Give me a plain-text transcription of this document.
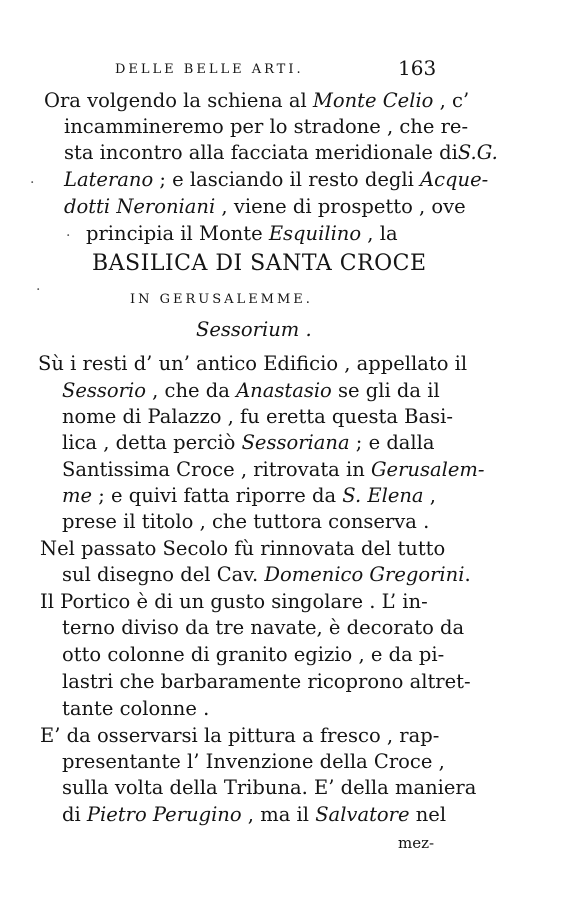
DELLE BELLE ARTI.	163
Ora volgendo la schiena al Monte Celio , c’
incammineremo per lo stradone , che re-
sta incontro alla facciata meridionale diS.G.
Laterano ; e lasciando il resto degli Acque-
dotti Neroniani , viene di prospetto , ove
principia il Monte Esquilino , la
BASILICA DI SANTA CROCE
IN GERUSALEMME.
Sessorium .
Sù i resti d’ un’ antico Edificio , appellato il
Sessorio , che da Anastasio se gli da il
nome di Palazzo , fu eretta questa Basi-
lica , detta perciò Sessoriana ; e dalla
Santissima Croce , ritrovata in Gerusalem-
me ; e quivi fatta riporre da S. Elena ,
prese il titolo , che tuttora conserva .
Nel passato Secolo fù rinnovata del tutto
sul disegno del Cav. Domenico Gregorini.
Il Portico è di un gusto singolare . L’ in-
terno diviso da tre navate, è decorato da
otto colonne di granito egizio , e da pi-
lastri che barbaramente ricoprono altret-
tante colonne .
E’ da osservarsi la pittura a fresco , rap-
presentante l’ Invenzione della Croce ,
sulla volta della Tribuna. E’ della maniera
di Pietro Perugino , ma il Salvatore nel
mez-
·
·
·
